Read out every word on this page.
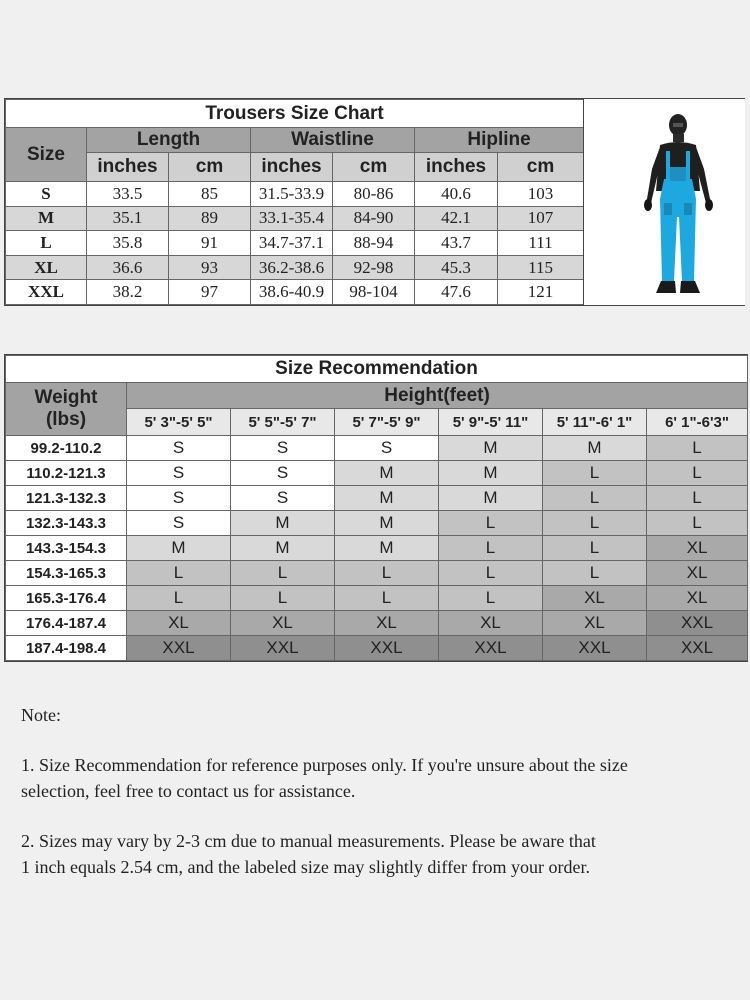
Trousers Size Chart						
Size	Length		Waistline		Hipline	
	inches	cm	inches	cm	inches	cm
S	33.5	85	31.5-33.9	80-86	40.6	103
M	35.1	89	33.1-35.4	84-90	42.1	107
L	35.8	91	34.7-37.1	88-94	43.7	111
XL	36.6	93	36.2-38.6	92-98	45.3	115
XXL	38.2	97	38.6-40.9	98-104	47.6	121
Size Recommendation						

Weight
(lbs)	Height(feet)					
	5' 3"-5' 5"	5' 5"-5' 7"	5' 7"-5' 9"	5' 9"-5' 11"	5' 11"-6' 1"	6' 1"-6'3"
99.2-110.2	S	S	S	M	M	L
110.2-121.3	S	S	M	M	L	L
121.3-132.3	S	S	M	M	L	L
132.3-143.3	S	M	M	L	L	L
143.3-154.3	M	M	M	L	L	XL
154.3-165.3	L	L	L	L	L	XL
165.3-176.4	L	L	L	L	XL	XL
176.4-187.4	XL	XL	XL	XL	XL	XXL
187.4-198.4	XXL	XXL	XXL	XXL	XXL	XXL

Note:

1. Size Recommendation for reference purposes only. If you're unsure about the size
selection, feel free to contact us for assistance.

2. Sizes may vary by 2-3 cm due to manual measurements. Please be aware that
1 inch equals 2.54 cm, and the labeled size may slightly differ from your order.
